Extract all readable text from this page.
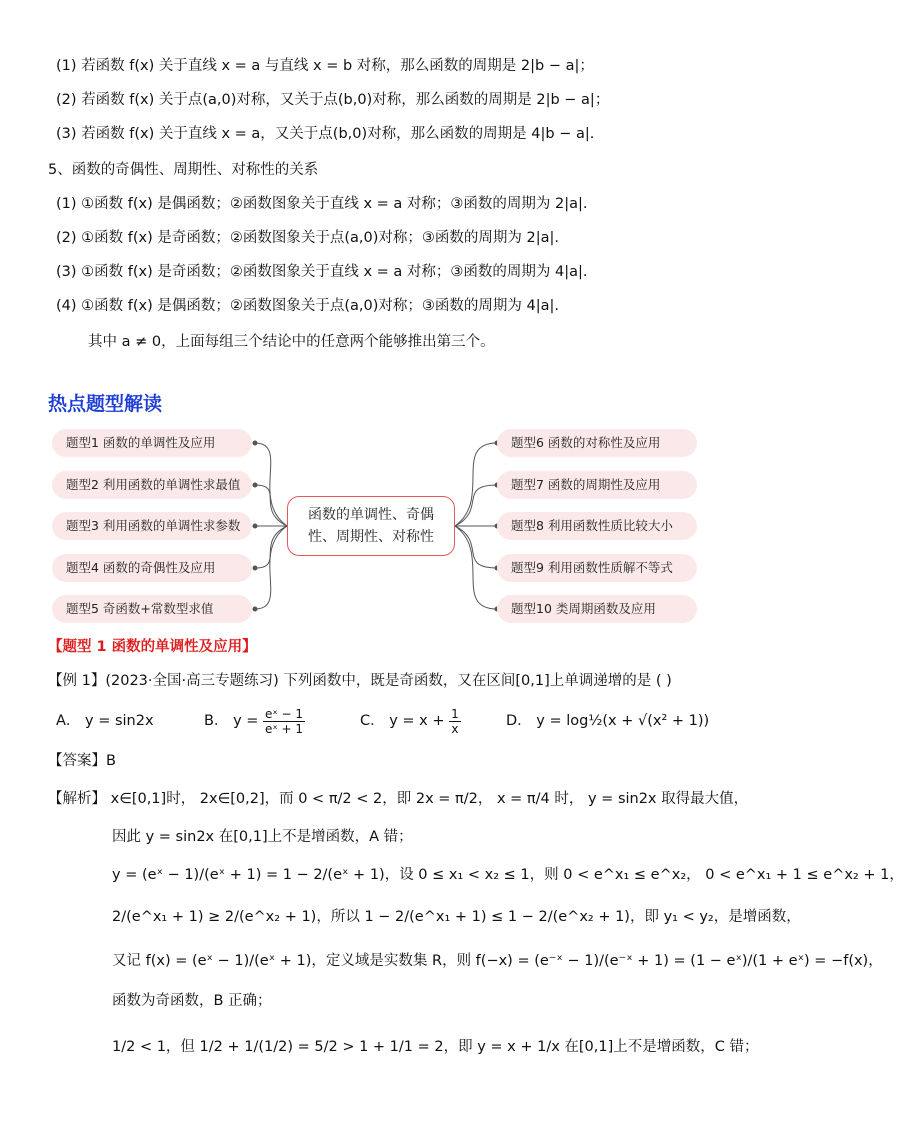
(1) 若函数 f(x) 关于直线 x = a 与直线 x = b 对称，那么函数的周期是 2|b − a|；
(2) 若函数 f(x) 关于点(a,0)对称，又关于点(b,0)对称，那么函数的周期是 2|b − a|；
(3) 若函数 f(x) 关于直线 x = a，又关于点(b,0)对称，那么函数的周期是 4|b − a|.
5、函数的奇偶性、周期性、对称性的关系
(1) ①函数 f(x) 是偶函数；②函数图象关于直线 x = a 对称；③函数的周期为 2|a|.
(2) ①函数 f(x) 是奇函数；②函数图象关于点(a,0)对称；③函数的周期为 2|a|.
(3) ①函数 f(x) 是奇函数；②函数图象关于直线 x = a 对称；③函数的周期为 4|a|.
(4) ①函数 f(x) 是偶函数；②函数图象关于点(a,0)对称；③函数的周期为 4|a|.
其中 a ≠ 0，上面每组三个结论中的任意两个能够推出第三个。
热点题型解读
题型1 函数的单调性及应用
题型2 利用函数的单调性求最值
题型3 利用函数的单调性求参数
题型4 函数的奇偶性及应用
题型5 奇函数+常数型求值
题型6 函数的对称性及应用
题型7 函数的周期性及应用
题型8 利用函数性质比较大小
题型9 利用函数性质解不等式
题型10 类周期函数及应用
函数的单调性、奇偶
性、周期性、对称性
【题型 1 函数的单调性及应用】
【例 1】(2023·全国·高三专题练习) 下列函数中，既是奇函数，又在区间[0,1]上单调递增的是 ( )
A． y = sin2x	B． $y = \frac{\text{eˣ − 1}}{\text{eˣ + 1}}$	C． $y = x + \frac{1}{x}$	D． y = log½(x + √(x² + 1))
【答案】B
【解析】 x∈[0,1]时， 2x∈[0,2]，而 0 < π/2 < 2，即 2x = π/2， x = π/4 时， y = sin2x 取得最大值，
因此 y = sin2x 在[0,1]上不是增函数，A 错；
y = (eˣ − 1)/(eˣ + 1) = 1 − 2/(eˣ + 1)，设 0 ≤ x₁ < x₂ ≤ 1，则 0 < e^x₁ ≤ e^x₂， 0 < e^x₁ + 1 ≤ e^x₂ + 1，
2/(e^x₁ + 1) ≥ 2/(e^x₂ + 1)，所以 1 − 2/(e^x₁ + 1) ≤ 1 − 2/(e^x₂ + 1)，即 y₁ < y₂，是增函数，
又记 f(x) = (eˣ − 1)/(eˣ + 1)，定义域是实数集 R，则 f(−x) = (e⁻ˣ − 1)/(e⁻ˣ + 1) = (1 − eˣ)/(1 + eˣ) = −f(x)，
函数为奇函数，B 正确；
1/2 < 1，但 1/2 + 1/(1/2) = 5/2 > 1 + 1/1 = 2，即 y = x + 1/x 在[0,1]上不是增函数，C 错；
